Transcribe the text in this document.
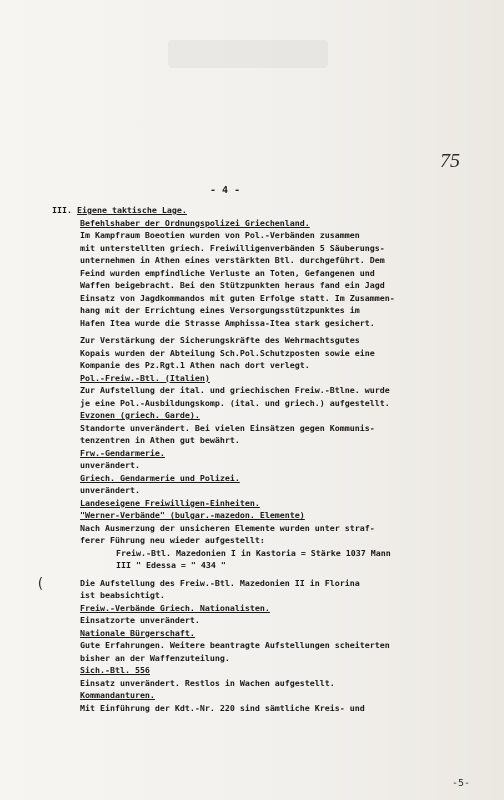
75
- 4 -
III. Eigene taktische Lage.
Befehlshaber der Ordnungspolizei Griechenland.
Im Kampfraum Boeotien wurden von Pol.-Verbänden zusammen
mit unterstellten griech. Freiwilligenverbänden 5 Säuberungs-
unternehmen in Athen eines verstärkten Btl. durchgeführt. Dem
Feind wurden empfindliche Verluste an Toten, Gefangenen und
Waffen beigebracht. Bei den Stützpunkten heraus fand ein Jagd
Einsatz von Jagdkommandos mit guten Erfolge statt. Im Zusammen-
hang mit der Errichtung eines Versorgungsstützpunktes im
Hafen Itea wurde die Strasse Amphissa-Itea stark gesichert.
Zur Verstärkung der Sicherungskräfte des Wehrmachtsgutes
Kopais wurden der Abteilung Sch.Pol.Schutzposten sowie eine
Kompanie des Pz.Rgt.1 Athen nach dort verlegt.
Pol.-Freiw.-Btl. (Italien)
Zur Aufstellung der ital. und griechischen Freiw.-Btlne. wurde
je eine Pol.-Ausbildungskomp. (ital. und griech.) aufgestellt.
Evzonen (griech. Garde).
Standorte unverändert. Bei vielen Einsätzen gegen Kommunis-
tenzentren in Athen gut bewährt.
Frw.-Gendarmerie.
unverändert.
Griech. Gendarmerie und Polizei.
unverändert.
Landeseigene Freiwilligen-Einheiten.
"Werner-Verbände" (bulgar.-mazedon. Elemente)
Nach Ausmerzung der unsicheren Elemente wurden unter straf-
ferer Führung neu wieder aufgestellt:
Freiw.-Btl. Mazedonien I in Kastoria = Stärke 1037 Mann
III " Edessa = " 434 "
Die Aufstellung des Freiw.-Btl. Mazedonien II in Florina
ist beabsichtigt.
Freiw.-Verbände Griech. Nationalisten.
Einsatzorte unverändert.
Nationale Bürgerschaft.
Gute Erfahrungen. Weitere beantragte Aufstellungen scheiterten
bisher an der Waffenzuteilung.
Sich.-Btl. 556
Einsatz unverändert. Restlos in Wachen aufgestellt.
Kommandanturen.
Mit Einführung der Kdt.-Nr. 220 sind sämtliche Kreis- und
(
-5-
